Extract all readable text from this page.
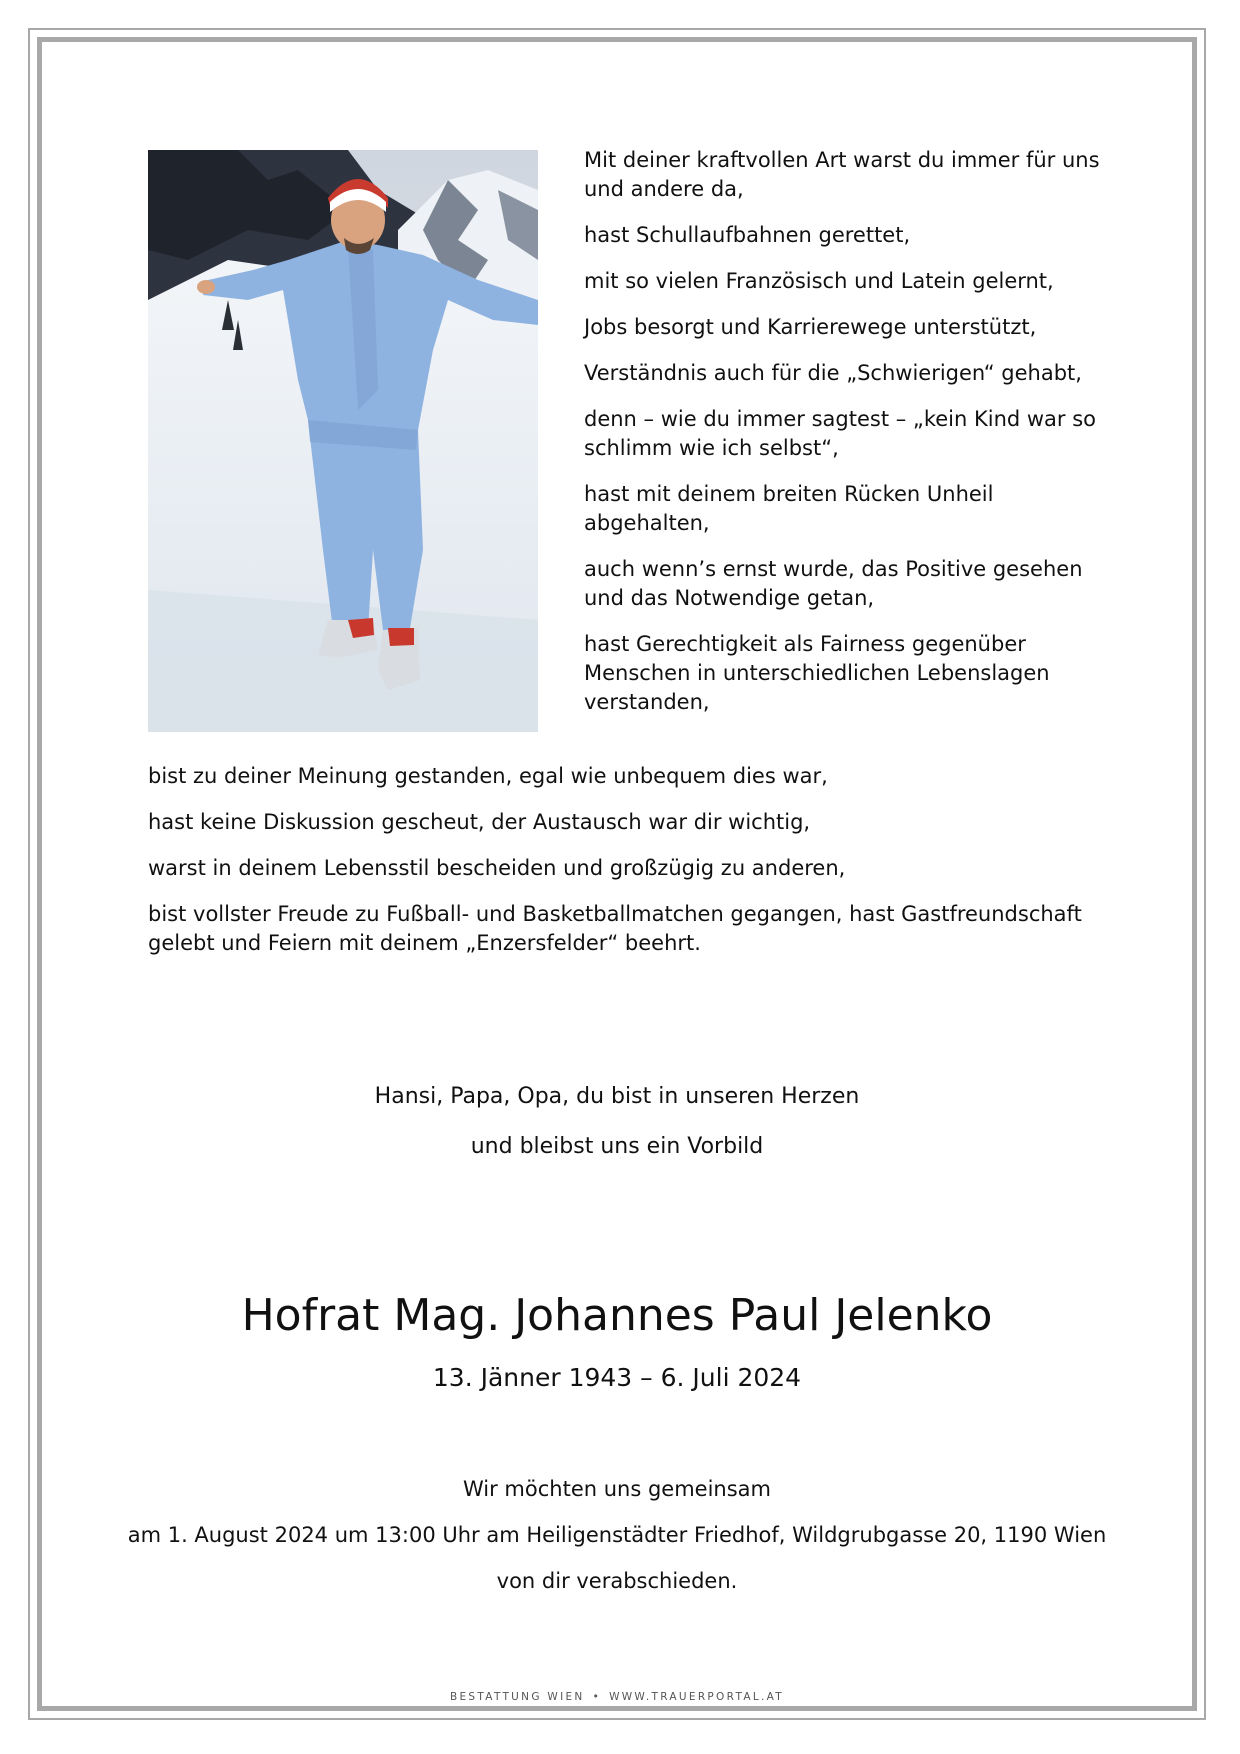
Mit deiner kraftvollen Art warst du immer für uns und andere da,

hast Schullaufbahnen gerettet,

mit so vielen Französisch und Latein gelernt,

Jobs besorgt und Karrierewege unterstützt,

Verständnis auch für die „Schwierigen“ gehabt,

denn – wie du immer sagtest – „kein Kind war so schlimm wie ich selbst“,

hast mit deinem breiten Rücken Unheil abgehalten,

auch wenn’s ernst wurde, das Positive gesehen und das Notwendige getan,

hast Gerechtigkeit als Fairness gegenüber Menschen in unterschiedlichen Lebenslagen verstanden,

bist zu deiner Meinung gestanden, egal wie unbequem dies war,

hast keine Diskussion gescheut, der Austausch war dir wichtig,

warst in deinem Lebensstil bescheiden und großzügig zu anderen,

bist vollster Freude zu Fußball- und Basketballmatchen gegangen, hast Gastfreundschaft gelebt und Feiern mit deinem „Enzersfelder“ beehrt.

Hansi, Papa, Opa, du bist in unseren Herzen
und bleibst uns ein Vorbild
Hofrat Mag. Johannes Paul Jelenko
13. Jänner 1943 – 6. Juli 2024
Wir möchten uns gemeinsam
am 1. August 2024 um 13:00 Uhr am Heiligenstädter Friedhof, Wildgrubgasse 20, 1190 Wien
von dir verabschieden.
BESTATTUNG WIEN • WWW.TRAUERPORTAL.AT
